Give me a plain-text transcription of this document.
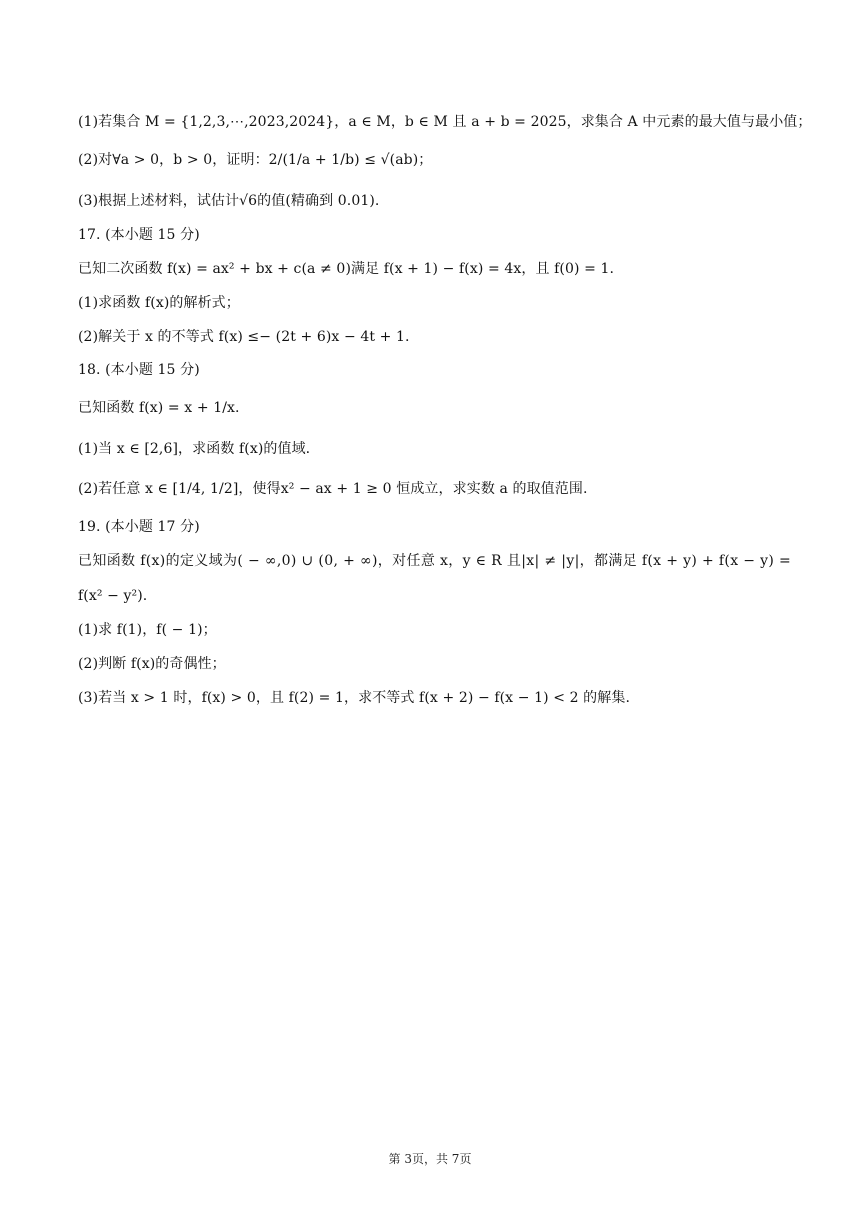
(1)若集合 M = {1,2,3,⋯,2023,2024}，a ∈ M，b ∈ M 且 a + b = 2025，求集合 A 中元素的最大值与最小值；
(2)对∀a > 0，b > 0，证明：2/(1/a + 1/b) ≤ √(ab)；
(3)根据上述材料，试估计√6的值(精确到 0.01).
17. (本小题 15 分)
已知二次函数 f(x) = ax² + bx + c(a ≠ 0)满足 f(x + 1) − f(x) = 4x，且 f(0) = 1.
(1)求函数 f(x)的解析式；
(2)解关于 x 的不等式 f(x) ≤− (2t + 6)x − 4t + 1.
18. (本小题 15 分)
已知函数 f(x) = x + 1/x.
(1)当 x ∈ [2,6]，求函数 f(x)的值域.
(2)若任意 x ∈ [1/4, 1/2]，使得x² − ax + 1 ≥ 0 恒成立，求实数 a 的取值范围.
19. (本小题 17 分)
已知函数 f(x)的定义域为( − ∞,0) ∪ (0, + ∞)，对任意 x，y ∈ R 且|x| ≠ |y|，都满足 f(x + y) + f(x − y) =
f(x² − y²).
(1)求 f(1)，f( − 1)；
(2)判断 f(x)的奇偶性；
(3)若当 x > 1 时，f(x) > 0，且 f(2) = 1，求不等式 f(x + 2) − f(x − 1) < 2 的解集.
第 3页，共 7页
